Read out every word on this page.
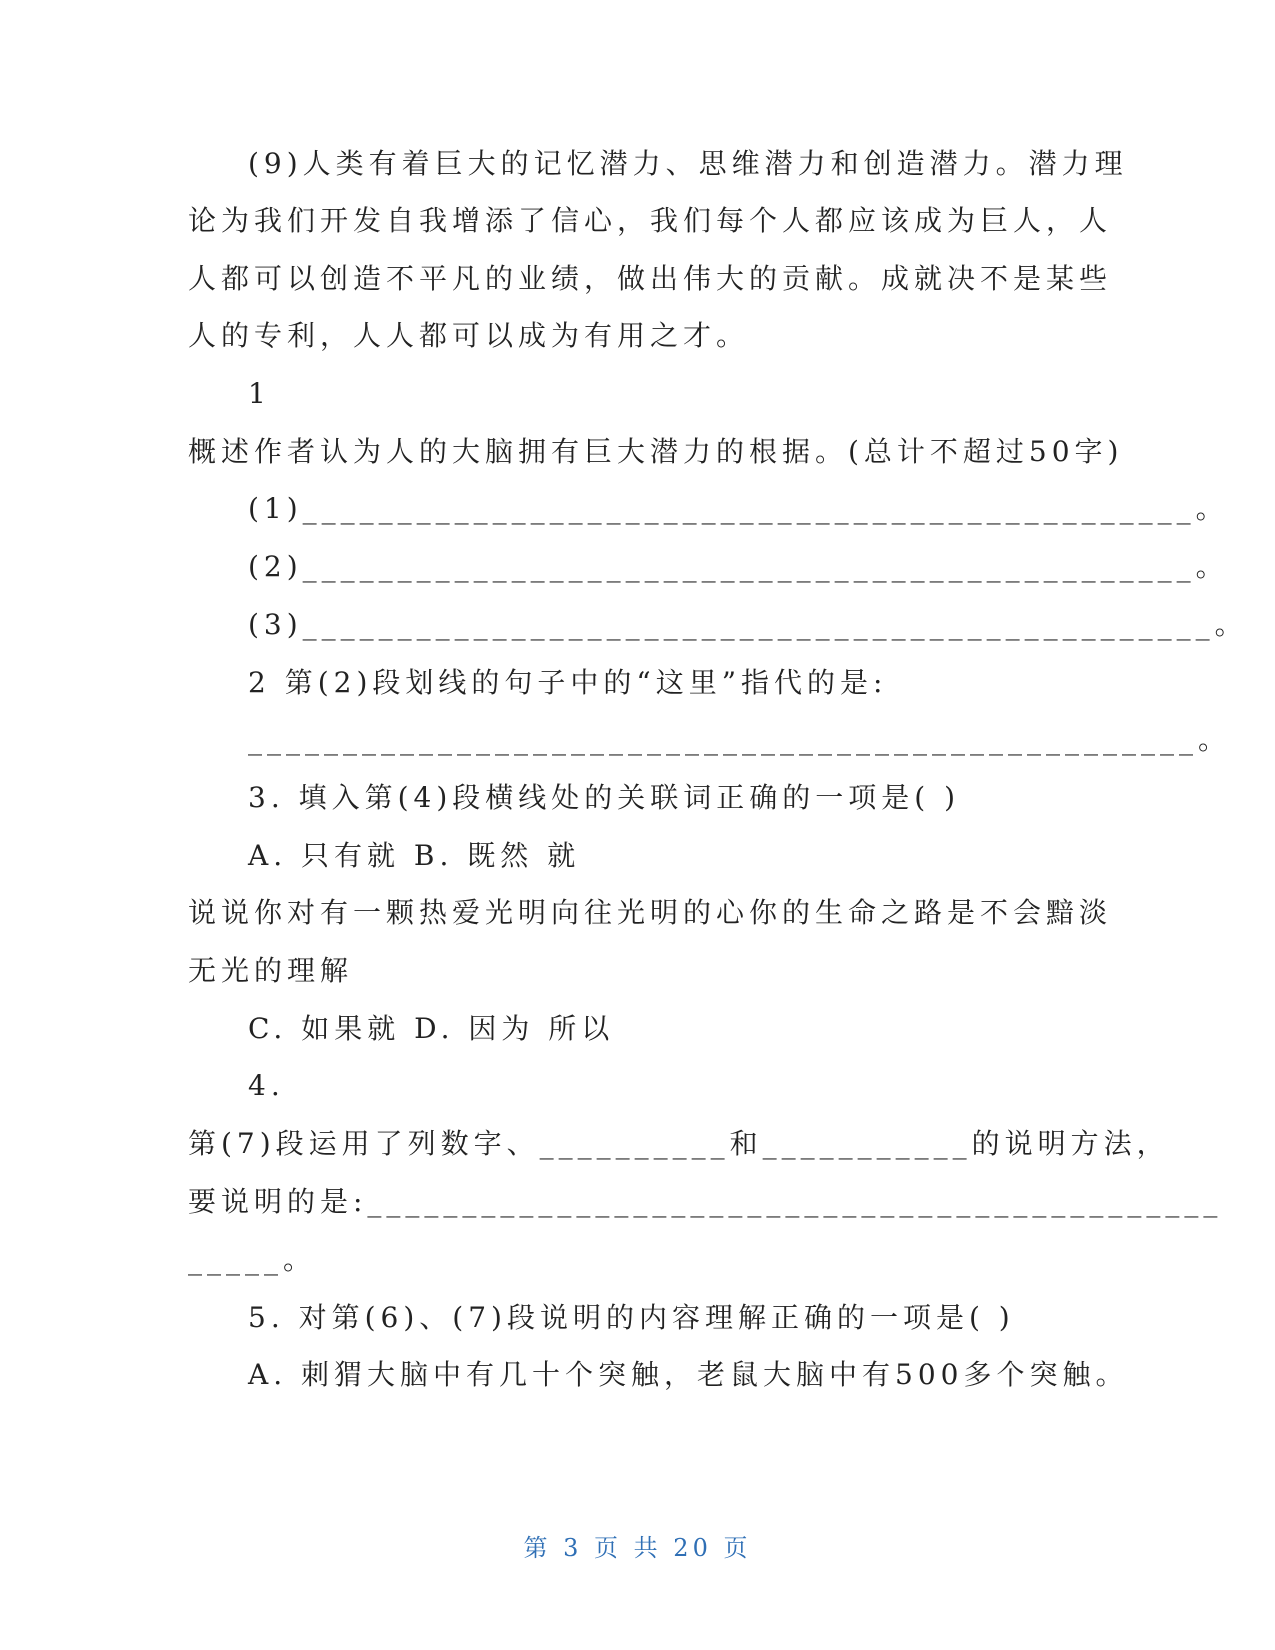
(9)人类有着巨大的记忆潜力、思维潜力和创造潜力。潜力理
论为我们开发自我增添了信心，我们每个人都应该成为巨人，人
人都可以创造不平凡的业绩，做出伟大的贡献。成就决不是某些
人的专利，人人都可以成为有用之才。
1
概述作者认为人的大脑拥有巨大潜力的根据。(总计不超过50字)
(1)_______________________________________________。
(2)_______________________________________________。
(3)________________________________________________。
2 第(2)段划线的句子中的“这里”指代的是:
__________________________________________________。
3. 填入第(4)段横线处的关联词正确的一项是( )
A. 只有就 B. 既然 就
说说你对有一颗热爱光明向往光明的心你的生命之路是不会黯淡
无光的理解
C. 如果就 D. 因为 所以
4.
第(7)段运用了列数字、__________和___________的说明方法，
要说明的是:_____________________________________________
_____。
5. 对第(6)、(7)段说明的内容理解正确的一项是( )
A. 刺猬大脑中有几十个突触，老鼠大脑中有500多个突触。
第 3 页 共 20 页
